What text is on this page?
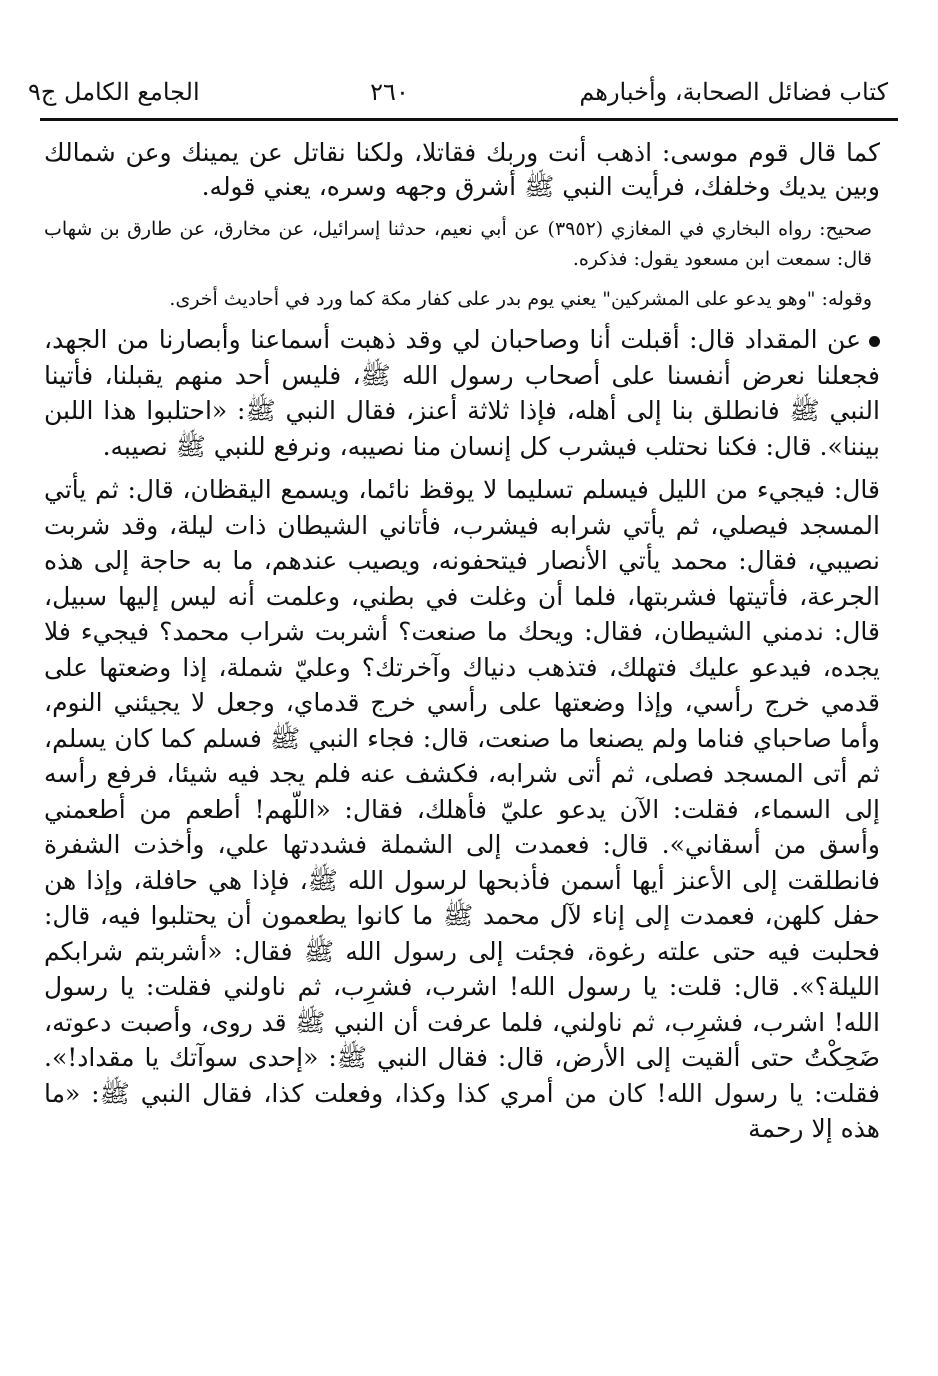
كتاب فضائل الصحابة، وأخبارهم
٢٦٠
الجامع الكامل ج٩

كما قال قوم موسى: اذهب أنت وربك فقاتلا، ولكنا نقاتل عن يمينك وعن شمالك وبين يديك وخلفك، فرأيت النبي ﷺ أشرق وجهه وسره، يعني قوله.

صحيح: رواه البخاري في المغازي (٣٩٥٢) عن أبي نعيم، حدثنا إسرائيل، عن مخارق، عن طارق بن شهاب قال: سمعت ابن مسعود يقول: فذكره.

وقوله: "وهو يدعو على المشركين" يعني يوم بدر على كفار مكة كما ورد في أحاديث أخرى.

عن المقداد قال: أقبلت أنا وصاحبان لي وقد ذهبت أسماعنا وأبصارنا من الجهد، فجعلنا نعرض أنفسنا على أصحاب رسول الله ﷺ، فليس أحد منهم يقبلنا، فأتينا النبي ﷺ فانطلق بنا إلى أهله، فإذا ثلاثة أعنز، فقال النبي ﷺ: «احتلبوا هذا اللبن بيننا». قال: فكنا نحتلب فيشرب كل إنسان منا نصيبه، ونرفع للنبي ﷺ نصيبه.

قال: فيجيء من الليل فيسلم تسليما لا يوقظ نائما، ويسمع اليقظان، قال: ثم يأتي المسجد فيصلي، ثم يأتي شرابه فيشرب، فأتاني الشيطان ذات ليلة، وقد شربت نصيبي، فقال: محمد يأتي الأنصار فيتحفونه، ويصيب عندهم، ما به حاجة إلى هذه الجرعة، فأتيتها فشربتها، فلما أن وغلت في بطني، وعلمت أنه ليس إليها سبيل، قال: ندمني الشيطان، فقال: ويحك ما صنعت؟ أشربت شراب محمد؟ فيجيء فلا يجده، فيدعو عليك فتهلك، فتذهب دنياك وآخرتك؟ وعليّ شملة، إذا وضعتها على قدمي خرج رأسي، وإذا وضعتها على رأسي خرج قدماي، وجعل لا يجيئني النوم، وأما صاحباي فناما ولم يصنعا ما صنعت، قال: فجاء النبي ﷺ فسلم كما كان يسلم، ثم أتى المسجد فصلى، ثم أتى شرابه، فكشف عنه فلم يجد فيه شيئا، فرفع رأسه إلى السماء، فقلت: الآن يدعو عليّ فأهلك، فقال: «اللّهم! أطعم من أطعمني وأسق من أسقاني». قال: فعمدت إلى الشملة فشددتها علي، وأخذت الشفرة فانطلقت إلى الأعنز أيها أسمن فأذبحها لرسول الله ﷺ، فإذا هي حافلة، وإذا هن حفل كلهن، فعمدت إلى إناء لآل محمد ﷺ ما كانوا يطعمون أن يحتلبوا فيه، قال: فحلبت فيه حتى علته رغوة، فجئت إلى رسول الله ﷺ فقال: «أشربتم شرابكم الليلة؟». قال: قلت: يا رسول الله! اشرب، فشرِب، ثم ناولني فقلت: يا رسول الله! اشرب، فشرِب، ثم ناولني، فلما عرفت أن النبي ﷺ قد روى، وأصبت دعوته، ضَحِكْتُ حتى ألقيت إلى الأرض، قال: فقال النبي ﷺ: «إحدى سوآتك يا مقداد!». فقلت: يا رسول الله! كان من أمري كذا وكذا، وفعلت كذا، فقال النبي ﷺ: «ما هذه إلا رحمة
